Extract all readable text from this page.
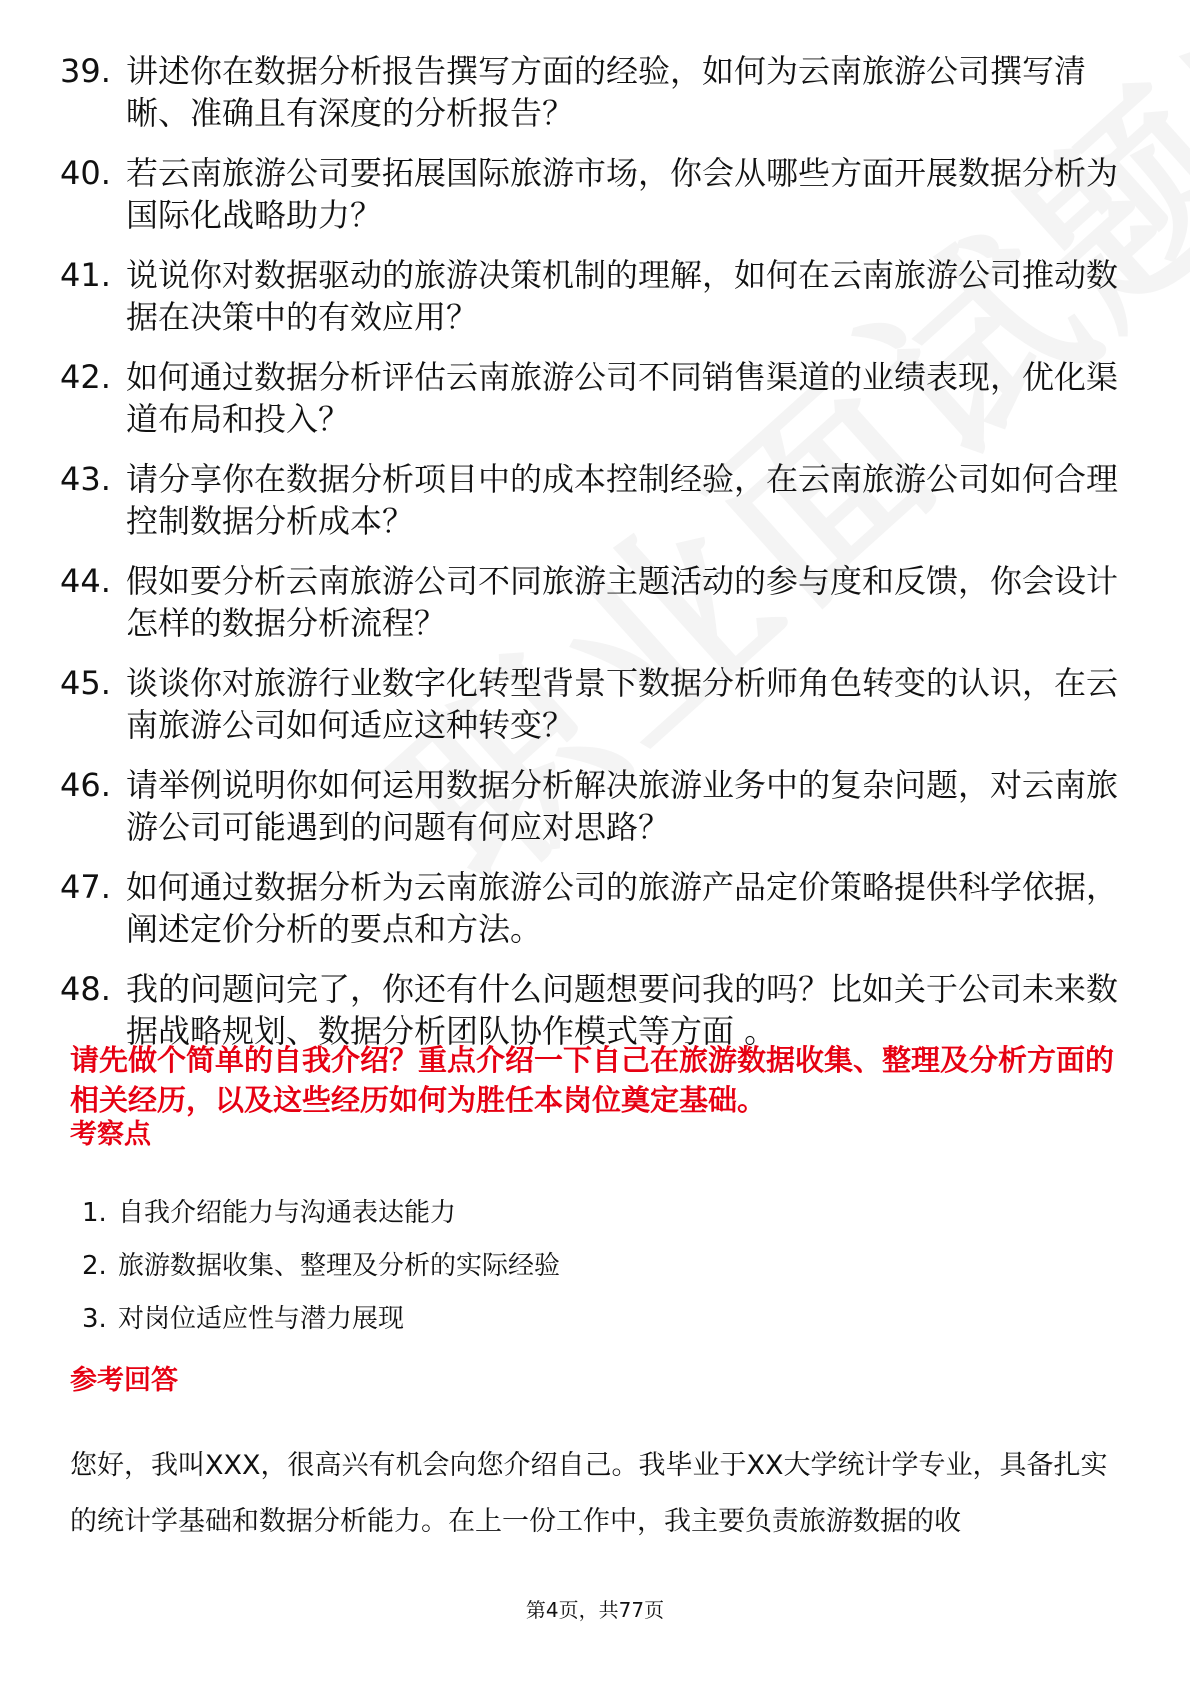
39. 讲述你在数据分析报告撰写方面的经验，如何为云南旅游公司撰写清晰、准确且有深度的分析报告？
40. 若云南旅游公司要拓展国际旅游市场，你会从哪些方面开展数据分析为国际化战略助力？
41. 说说你对数据驱动的旅游决策机制的理解，如何在云南旅游公司推动数据在决策中的有效应用？
42. 如何通过数据分析评估云南旅游公司不同销售渠道的业绩表现，优化渠道布局和投入？
43. 请分享你在数据分析项目中的成本控制经验，在云南旅游公司如何合理控制数据分析成本？
44. 假如要分析云南旅游公司不同旅游主题活动的参与度和反馈，你会设计怎样的数据分析流程？
45. 谈谈你对旅游行业数字化转型背景下数据分析师角色转变的认识，在云南旅游公司如何适应这种转变？
46. 请举例说明你如何运用数据分析解决旅游业务中的复杂问题，对云南旅游公司可能遇到的问题有何应对思路？
47. 如何通过数据分析为云南旅游公司的旅游产品定价策略提供科学依据，阐述定价分析的要点和方法。
48. 我的问题问完了，你还有什么问题想要问我的吗？比如关于公司未来数据战略规划、数据分析团队协作模式等方面 。

请先做个简单的自我介绍？重点介绍一下自己在旅游数据收集、整理及分析方面的相关经历，以及这些经历如何为胜任本岗位奠定基础。

考察点
1. 自我介绍能力与沟通表达能力
2. 旅游数据收集、整理及分析的实际经验
3. 对岗位适应性与潜力展现
参考回答

您好，我叫XXX，很高兴有机会向您介绍自己。我毕业于XX大学统计学专业，具备扎实的统计学基础和数据分析能力。在上一份工作中，我主要负责旅游数据的收

第4页，共77页
